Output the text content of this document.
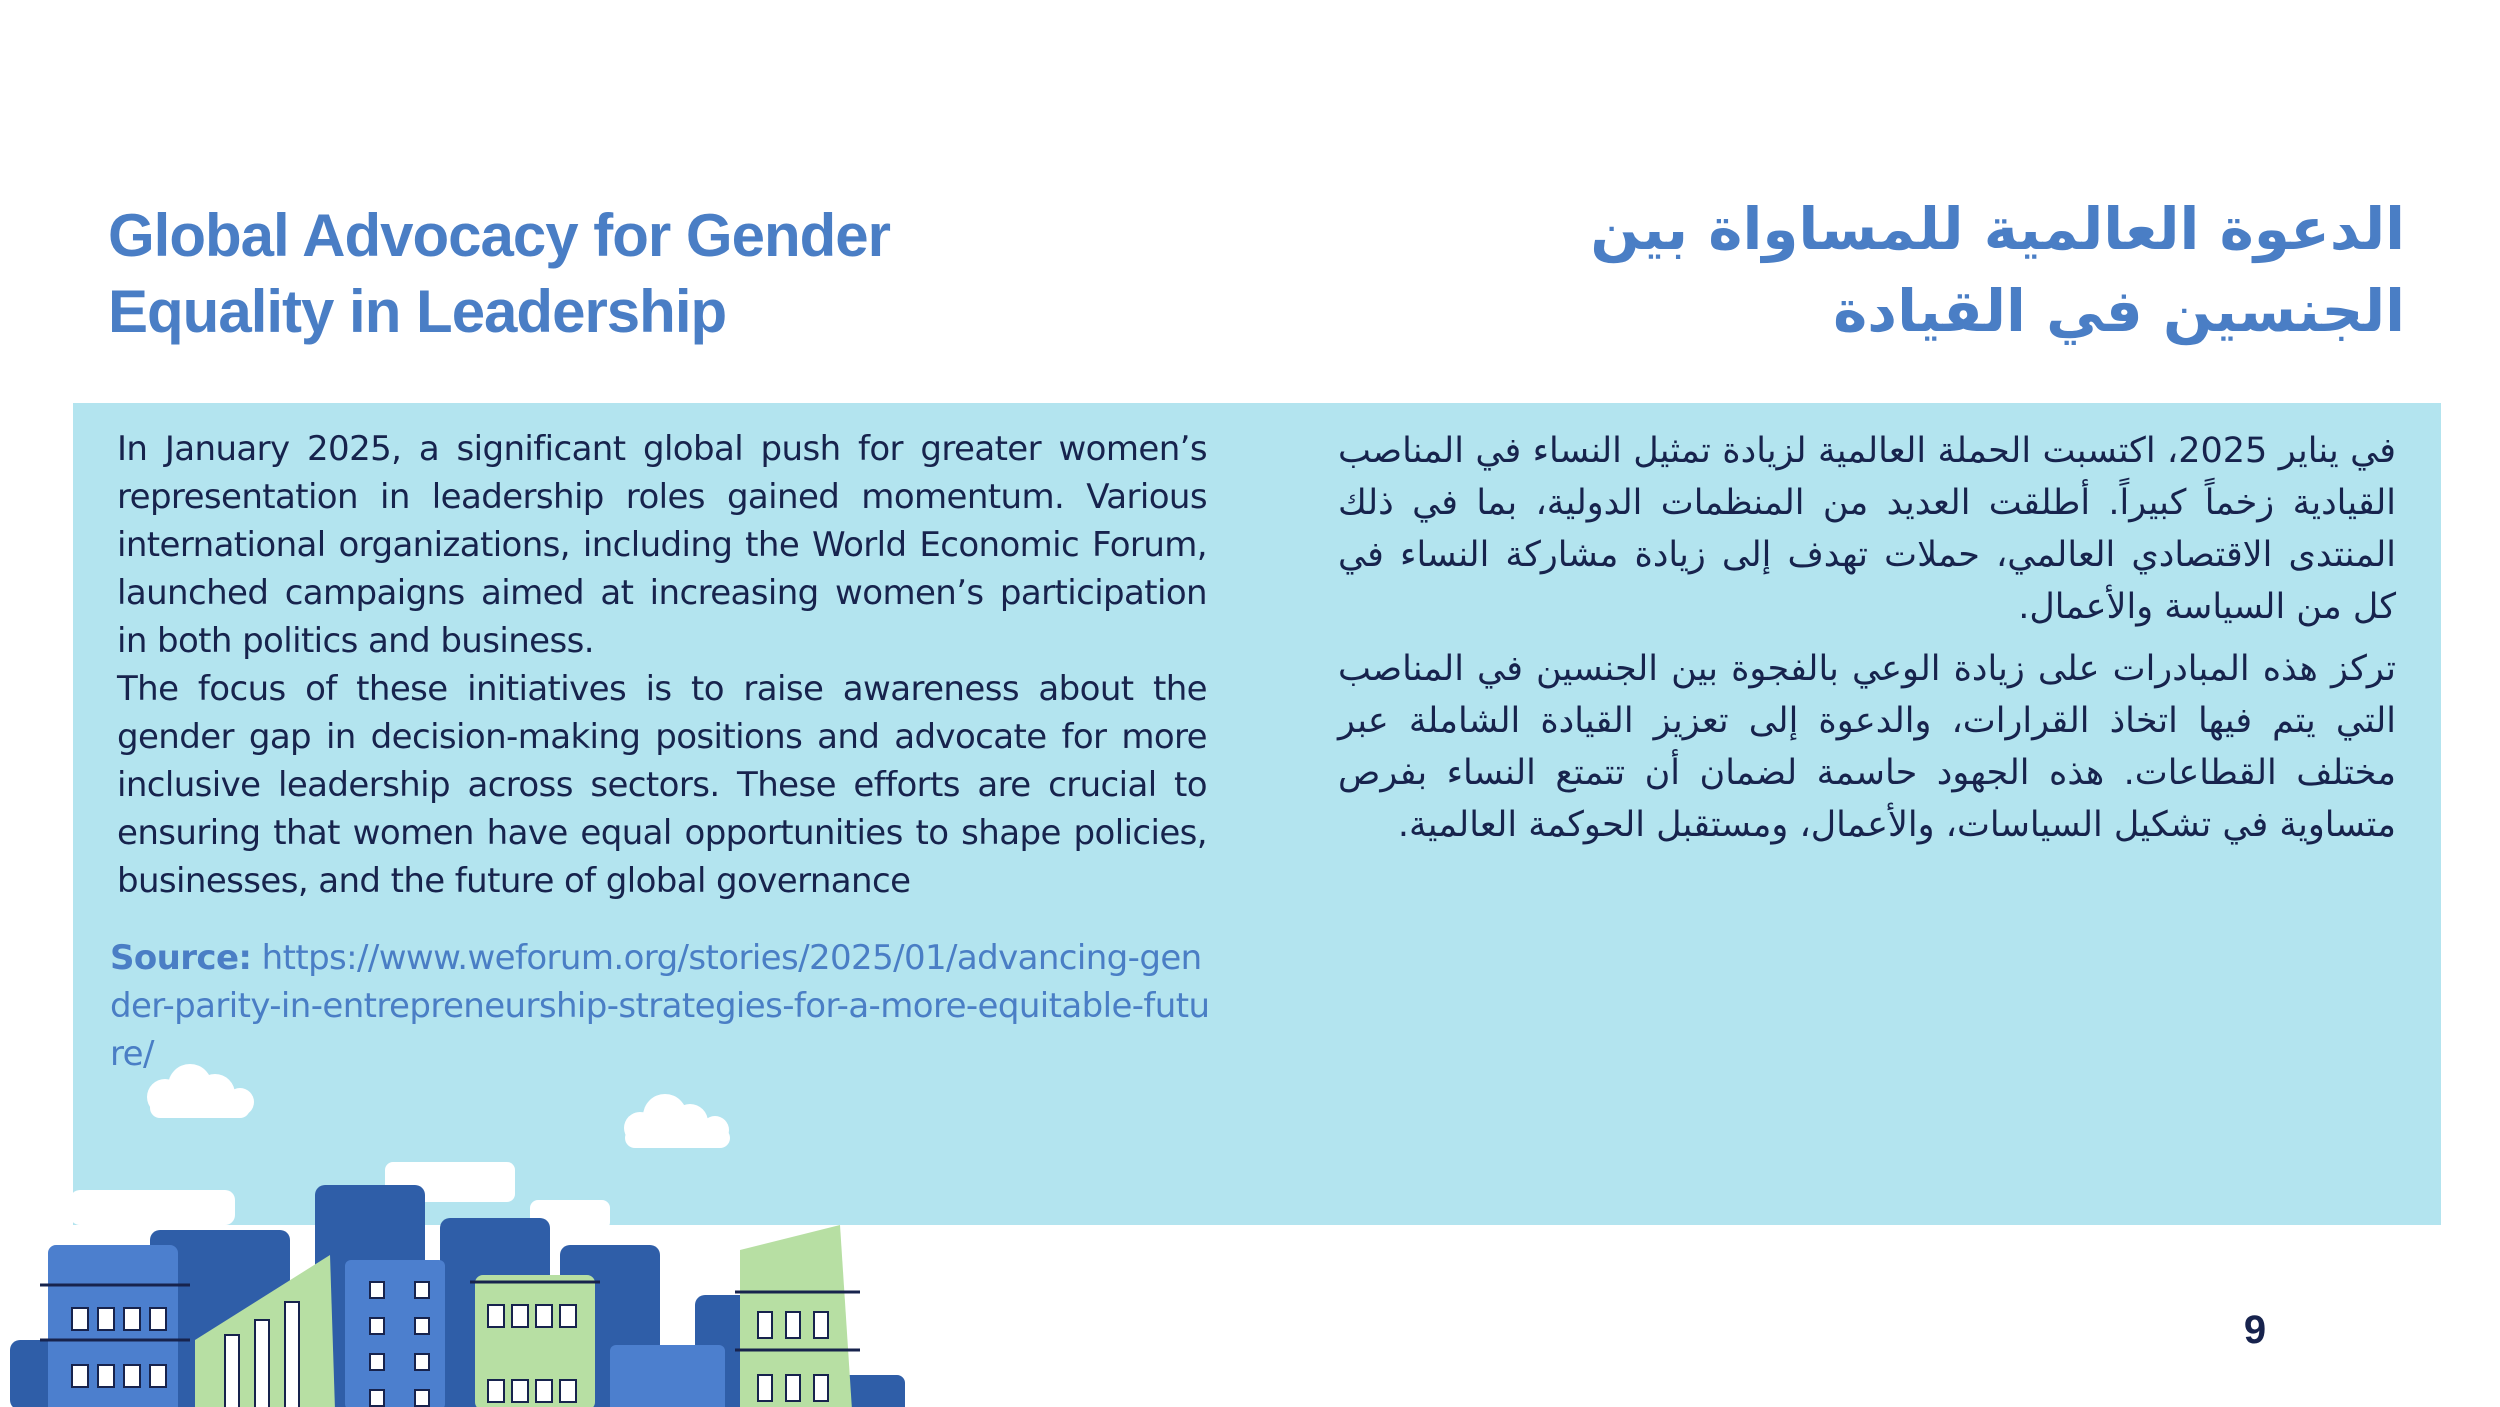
Global Advocacy for Gender Equality in Leadership
الدعوة العالمية للمساواة بين الجنسين في القيادة

In January 2025, a significant global push for greater women’s representation in leadership roles gained momentum. Various international organizations, including the World Economic Forum, launched campaigns aimed at increasing women’s participation in both politics and business.

The focus of these initiatives is to raise awareness about the gender gap in decision-making positions and advocate for more inclusive leadership across sectors. These efforts are crucial to ensuring that women have equal opportunities to shape policies, businesses, and the future of global governance

Source: https://www.weforum.org/stories/2025/01/advancing-gender-parity-in-entrepreneurship-strategies-for-a-more-equitable-future/

في يناير 2025، اكتسبت الحملة العالمية لزيادة تمثيل النساء في المناصب القيادية زخماً كبيراً. أطلقت العديد من المنظمات الدولية، بما في ذلك المنتدى الاقتصادي العالمي، حملات تهدف إلى زيادة مشاركة النساء في كل من السياسة والأعمال.

تركز هذه المبادرات على زيادة الوعي بالفجوة بين الجنسين في المناصب التي يتم فيها اتخاذ القرارات، والدعوة إلى تعزيز القيادة الشاملة عبر مختلف القطاعات. هذه الجهود حاسمة لضمان أن تتمتع النساء بفرص متساوية في تشكيل السياسات، والأعمال، ومستقبل الحوكمة العالمية.

9
